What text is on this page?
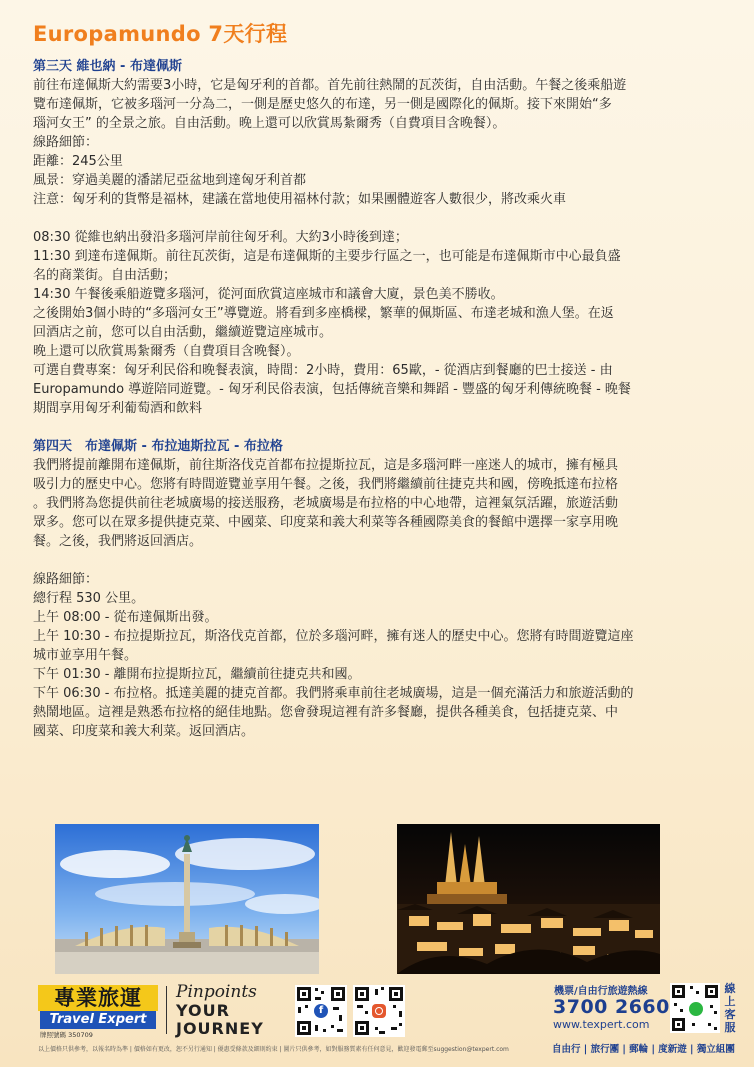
Europamundo 7天行程
第三天 維也納 - 布達佩斯

前往布達佩斯大約需要3小時，它是匈牙利的首都。首先前往熱鬧的瓦茨街，自由活動。午餐之後乘船遊

覽布達佩斯，它被多瑙河一分為二，一側是歷史悠久的布達，另一側是國際化的佩斯。接下來開始“多

瑙河女王” 的全景之旅。自由活動。晚上還可以欣賞馬紮爾秀（自費項目含晚餐）。

線路細節：

距離：245公里

風景：穿過美麗的潘諾尼亞盆地到達匈牙利首都

注意：匈牙利的貨幣是福林，建議在當地使用福林付款；如果團體遊客人數很少，將改乘火車

08:30 從維也納出發沿多瑙河岸前往匈牙利。大約3小時後到達；

11:30 到達布達佩斯。前往瓦茨街，這是布達佩斯的主要步行區之一，也可能是布達佩斯市中心最負盛

名的商業街。自由活動；

14:30 午餐後乘船遊覽多瑙河，從河面欣賞這座城市和議會大廈，景色美不勝收。

之後開始3個小時的“多瑙河女王”導覽遊。將看到多座橋樑，繁華的佩斯區、布達老城和漁人堡。在返

回酒店之前，您可以自由活動，繼續遊覽這座城市。

晚上還可以欣賞馬紮爾秀（自費項目含晚餐）。

可選自費專案：匈牙利民俗和晚餐表演，時間：2小時，費用：65歐，- 從酒店到餐廳的巴士接送 - 由

Europamundo 導遊陪同遊覽。- 匈牙利民俗表演，包括傳統音樂和舞蹈 - 豐盛的匈牙利傳統晚餐 - 晚餐

期間享用匈牙利葡萄酒和飲料

第四天　布達佩斯 - 布拉迪斯拉瓦 - 布拉格

我們將提前離開布達佩斯，前往斯洛伐克首都布拉提斯拉瓦，這是多瑙河畔一座迷人的城市，擁有極具

吸引力的歷史中心。您將有時間遊覽並享用午餐。之後，我們將繼續前往捷克共和國，傍晚抵達布拉格

。我們將為您提供前往老城廣場的接送服務，老城廣場是布拉格的中心地帶，這裡氣氛活躍，旅遊活動

眾多。您可以在眾多提供捷克菜、中國菜、印度菜和義大利菜等各種國際美食的餐館中選擇一家享用晚

餐。之後，我們將返回酒店。

線路細節：

總行程 530 公里。

上午 08:00 - 從布達佩斯出發。

上午 10:30 - 布拉提斯拉瓦，斯洛伐克首都，位於多瑙河畔，擁有迷人的歷史中心。您將有時間遊覽這座

城市並享用午餐。

下午 01:30 - 離開布拉提斯拉瓦，繼續前往捷克共和國。

下午 06:30 - 布拉格。抵達美麗的捷克首都。我們將乘車前往老城廣場，這是一個充滿活力和旅遊活動的

熱鬧地區。這裡是熟悉布拉格的絕佳地點。您會發現這裡有許多餐廳，提供各種美食，包括捷克菜、中

國菜、印度菜和義大利菜。返回酒店。

專業旅運
Travel Expert
牌照號碼 350709
Pinpoints
YOUR
JOURNEY
f
機票/自由行旅遊熱線
3700 2660
www.texpert.com
線上客服
以上價格只供參考，以報名時為準 | 價格如有更改，恕不另行通知 | 優惠受條款及細則約束 | 圖片只供參考，如對服務質素有任何意見，歡迎發電郵至suggestion@texpert.com	自由行 | 旅行團 | 郵輪 | 度新遊 | 獨立組團
